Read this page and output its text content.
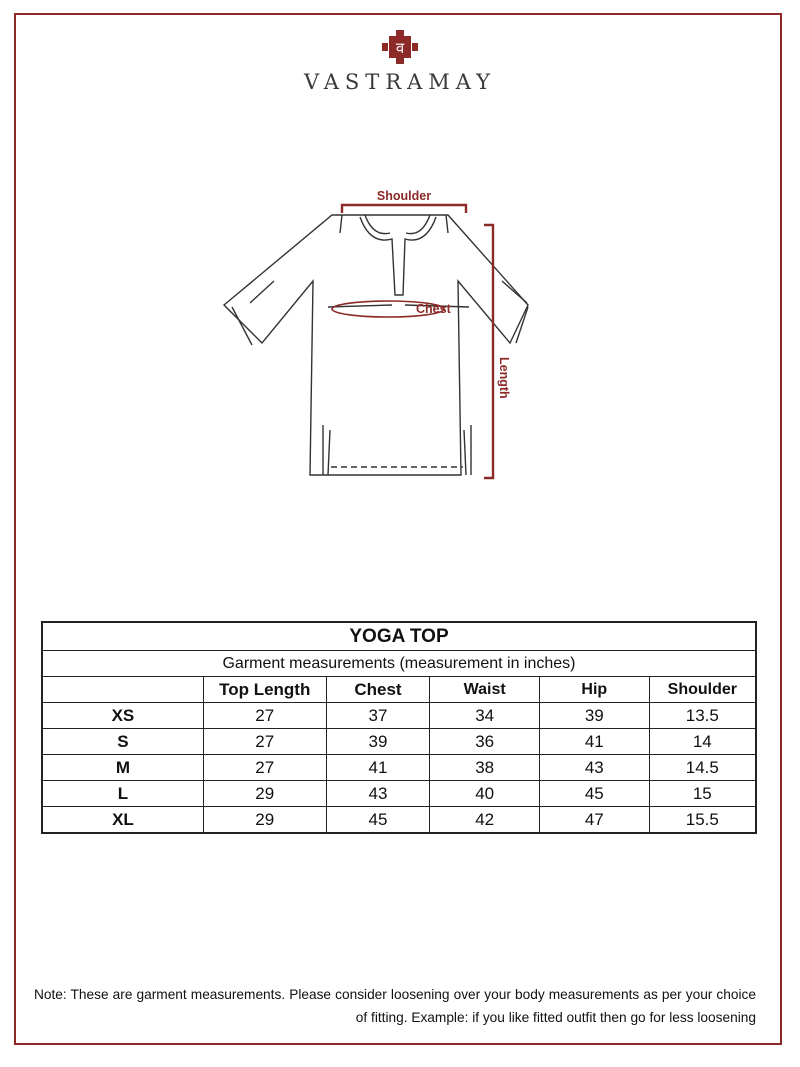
व
VASTRAMAY
Shoulder
Chest
Length
YOGA TOP					
Garment measurements (measurement in inches)					
	Top Length	Chest	Waist	Hip	Shoulder
XS	27	37	34	39	13.5
S	27	39	36	41	14
M	27	41	38	43	14.5
L	29	43	40	45	15
XL	29	45	42	47	15.5

Note: These are garment measurements. Please consider loosening over your body measurements as per your choice of fitting. Example: if you like fitted outfit then go for less loosening
